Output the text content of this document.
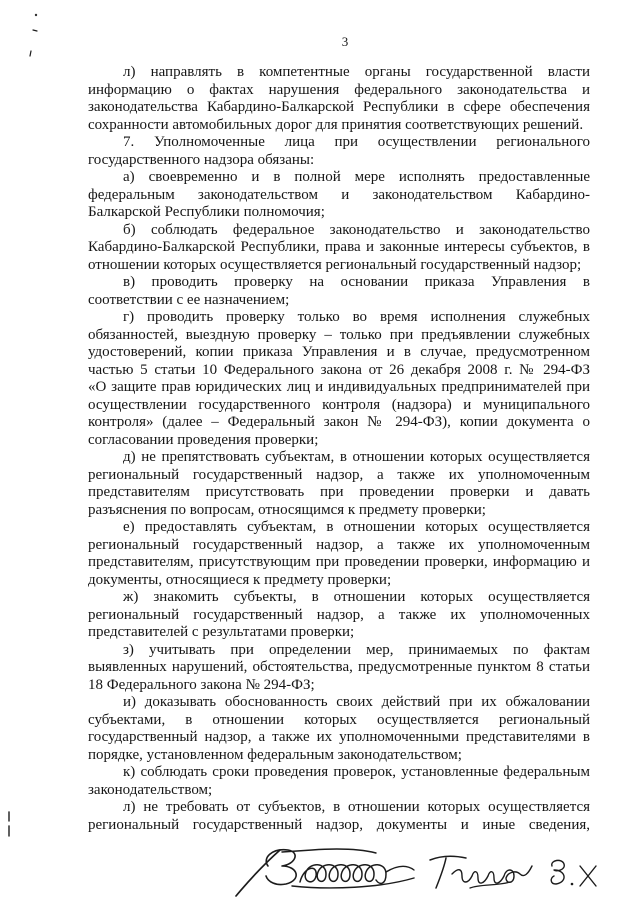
3
л) направлять в компетентные органы государственной власти
информацию о фактах нарушения федерального законодательства и
законодательства Кабардино-Балкарской Республики в сфере обеспечения
сохранности автомобильных дорог для принятия соответствующих решений.
7. Уполномоченные лица при осуществлении регионального
государственного надзора обязаны:
а) своевременно и в полной мере исполнять предоставленные
федеральным законодательством и законодательством Кабардино-
Балкарской Республики полномочия;
б) соблюдать федеральное законодательство и законодательство
Кабардино-Балкарской Республики, права и законные интересы субъектов, в
отношении которых осуществляется региональный государственный надзор;
в) проводить проверку на основании приказа Управления в
соответствии с ее назначением;
г) проводить проверку только во время исполнения служебных
обязанностей, выездную проверку – только при предъявлении служебных
удостоверений, копии приказа Управления и в случае, предусмотренном
частью 5 статьи 10 Федерального закона от 26 декабря 2008 г. № 294-ФЗ
«О защите прав юридических лиц и индивидуальных предпринимателей при
осуществлении государственного контроля (надзора) и муниципального
контроля» (далее – Федеральный закон № 294-ФЗ), копии документа о
согласовании проведения проверки;
д) не препятствовать субъектам, в отношении которых осуществляется
региональный государственный надзор, а также их уполномоченным
представителям присутствовать при проведении проверки и давать
разъяснения по вопросам, относящимся к предмету проверки;
е) предоставлять субъектам, в отношении которых осуществляется
региональный государственный надзор, а также их уполномоченным
представителям, присутствующим при проведении проверки, информацию и
документы, относящиеся к предмету проверки;
ж) знакомить субъекты, в отношении которых осуществляется
региональный государственный надзор, а также их уполномоченных
представителей с результатами проверки;
з) учитывать при определении мер, принимаемых по фактам
выявленных нарушений, обстоятельства, предусмотренные пунктом 8 статьи
18 Федерального закона № 294-ФЗ;
и) доказывать обоснованность своих действий при их обжаловании
субъектами, в отношении которых осуществляется региональный
государственный надзор, а также их уполномоченными представителями в
порядке, установленном федеральным законодательством;
к) соблюдать сроки проведения проверок, установленные федеральным
законодательством;
л) не требовать от субъектов, в отношении которых осуществляется
региональный государственный надзор, документы и иные сведения,
